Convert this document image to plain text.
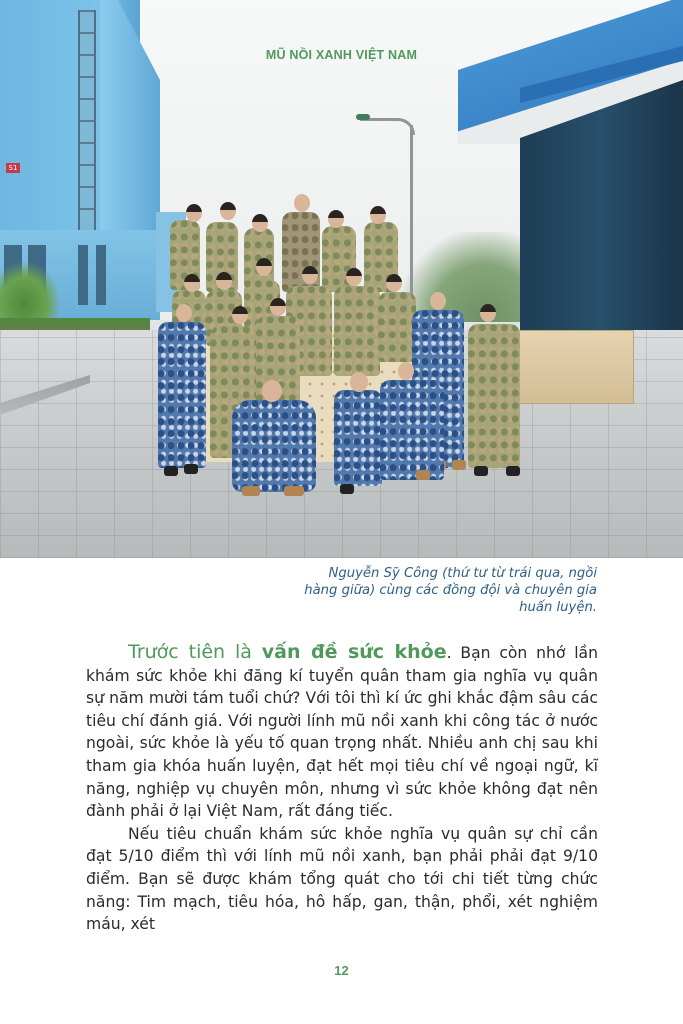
S1
MŨ NỒI XANH VIỆT NAM
Nguyễn Sỹ Công (thứ tư từ trái qua, ngồi hàng giữa) cùng các đồng đội và chuyên gia huấn luyện.

Trước tiên là vấn đề sức khỏe. Bạn còn nhớ lần khám sức khỏe khi đăng kí tuyển quân tham gia nghĩa vụ quân sự năm mười tám tuổi chứ? Với tôi thì kí ức ghi khắc đậm sâu các tiêu chí đánh giá. Với người lính mũ nồi xanh khi công tác ở nước ngoài, sức khỏe là yếu tố quan trọng nhất. Nhiều anh chị sau khi tham gia khóa huấn luyện, đạt hết mọi tiêu chí về ngoại ngữ, kĩ năng, nghiệp vụ chuyên môn, nhưng vì sức khỏe không đạt nên đành phải ở lại Việt Nam, rất đáng tiếc.

Nếu tiêu chuẩn khám sức khỏe nghĩa vụ quân sự chỉ cần đạt 5/10 điểm thì với lính mũ nồi xanh, bạn phải phải đạt 9/10 điểm. Bạn sẽ được khám tổng quát cho tới chi tiết từng chức năng: Tim mạch, tiêu hóa, hô hấp, gan, thận, phổi, xét nghiệm máu, xét

12
